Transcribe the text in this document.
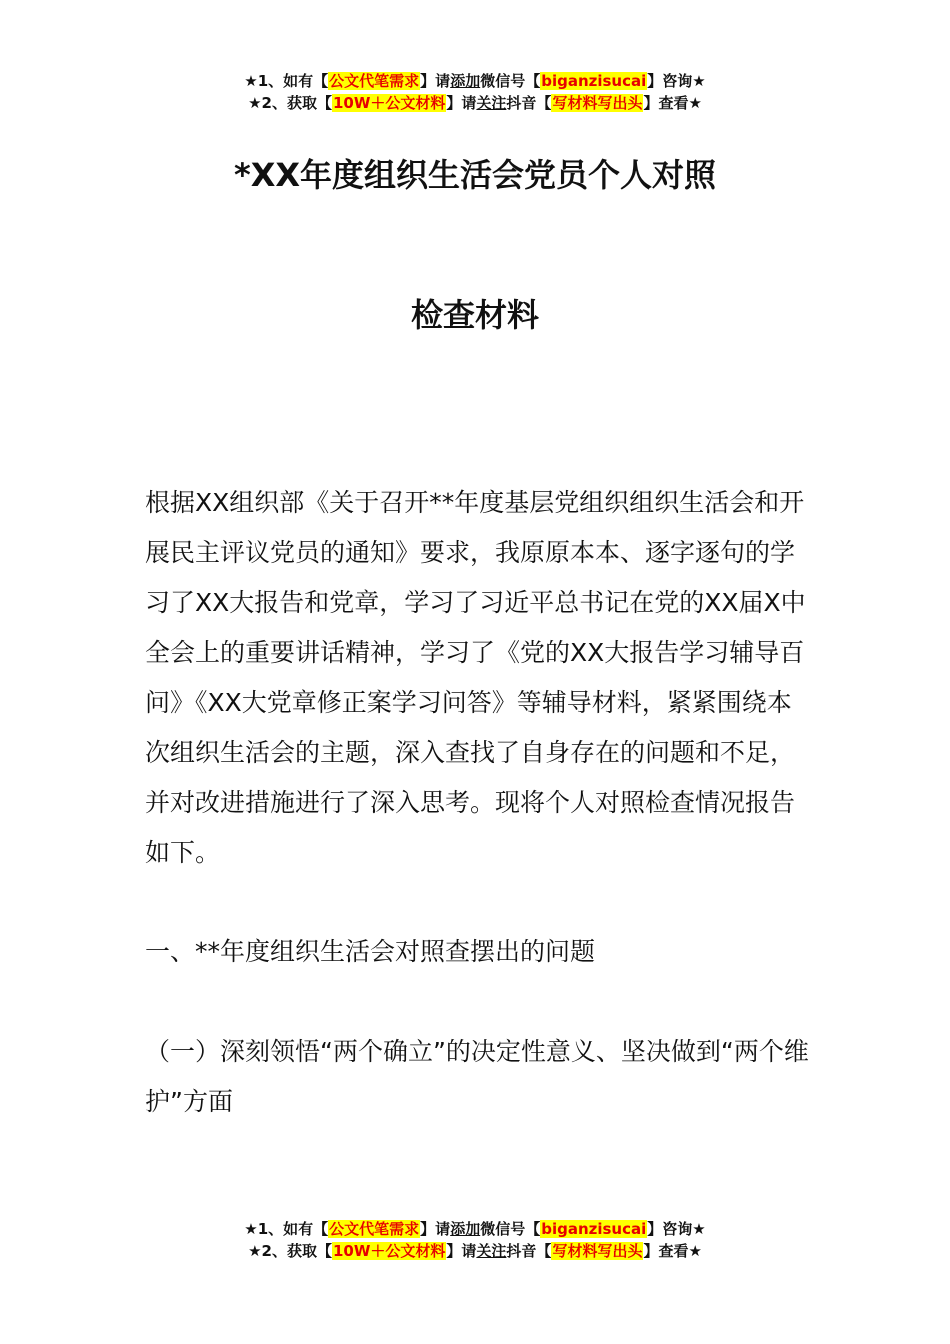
★1、如有【公文代笔需求】请添加微信号【biganzisucai】咨询★
★2、获取【10W＋公文材料】请关注抖音【写材料写出头】查看★
*XX年度组织生活会党员个人对照
检查材料

根据XX组织部《关于召开**年度基层党组织组织生活会和开展民主评议党员的通知》要求，我原原本本、逐字逐句的学习了XX大报告和党章，学习了习近平总书记在党的XX届X中全会上的重要讲话精神，学习了《党的XX大报告学习辅导百问》《XX大党章修正案学习问答》等辅导材料，紧紧围绕本次组织生活会的主题，深入查找了自身存在的问题和不足，并对改进措施进行了深入思考。现将个人对照检查情况报告如下。

一、**年度组织生活会对照查摆出的问题
（一）深刻领悟“两个确立”的决定性意义、坚决做到“两个维护”方面
★1、如有【公文代笔需求】请添加微信号【biganzisucai】咨询★
★2、获取【10W＋公文材料】请关注抖音【写材料写出头】查看★
